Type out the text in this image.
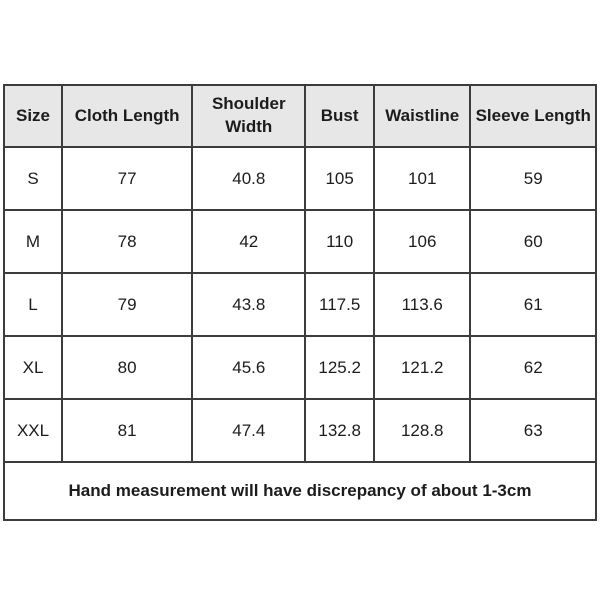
Size	Cloth Length	Shoulder Width	Bust	Waistline	Sleeve Length
S	77	40.8	105	101	59
M	78	42	110	106	60
L	79	43.8	117.5	113.6	61
XL	80	45.6	125.2	121.2	62
XXL	81	47.4	132.8	128.8	63
Hand measurement will have discrepancy of about 1-3cm					
